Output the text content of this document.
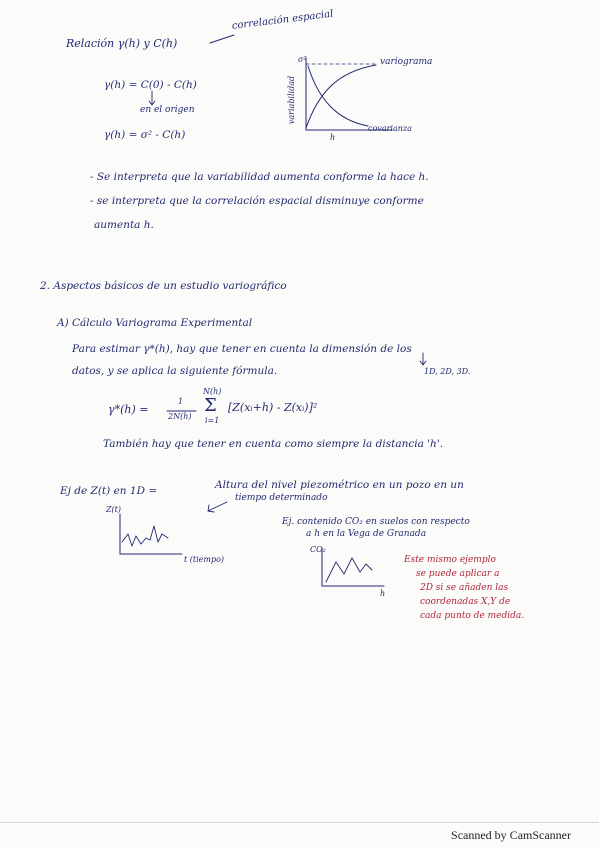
Relación γ(h) y C(h)
correlación espacial
γ(h) = C(0) - C(h)
en el origen
γ(h) = σ² - C(h)
variabilidad
σ²	variograma
covarianza
h
- Se interpreta que la variabilidad aumenta conforme la hace h.
- se interpreta que la correlación espacial disminuye conforme
aumenta h.
2. Aspectos básicos de un estudio variográfico
A) Cálculo Variograma Experimental
Para estimar γ*(h), hay que tener en cuenta la dimensión de los
datos, y se aplica la siguiente fórmula.	1D, 2D, 3D.
γ*(h) =
1
2N(h)
N(h)
Σ
i=1
[Z(xᵢ+h) - Z(xᵢ)]²
También hay que tener en cuenta como siempre la distancia 'h'.
Ej de Z(t) en 1D =	Altura del nivel piezométrico en un pozo en un
tiempo determinado
Z(t)
t (tiempo)
Ej. contenido CO₂ en suelos con respecto
a h en la Vega de Granada
CO₂
h
Este mismo ejemplo
se puede aplicar a
2D si se añaden las
coordenadas X,Y de
cada punto de medida.
Scanned by CamScanner
